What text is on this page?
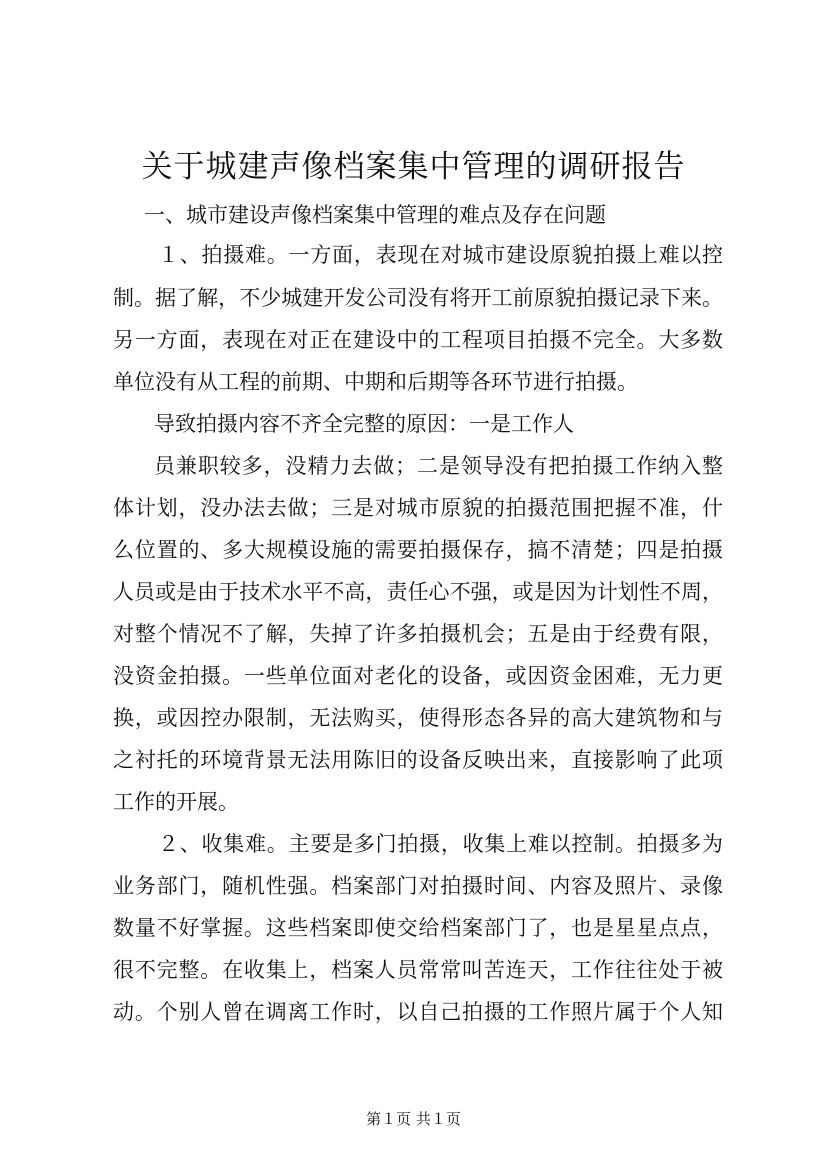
关于城建声像档案集中管理的调研报告
一、城市建设声像档案集中管理的难点及存在问题
１、拍摄难。一方面，表现在对城市建设原貌拍摄上难以控
制。据了解，不少城建开发公司没有将开工前原貌拍摄记录下来。
另一方面，表现在对正在建设中的工程项目拍摄不完全。大多数
单位没有从工程的前期、中期和后期等各环节进行拍摄。
导致拍摄内容不齐全完整的原因：一是工作人
员兼职较多，没精力去做；二是领导没有把拍摄工作纳入整
体计划，没办法去做；三是对城市原貌的拍摄范围把握不准，什
么位置的、多大规模设施的需要拍摄保存，搞不清楚；四是拍摄
人员或是由于技术水平不高，责任心不强，或是因为计划性不周，
对整个情况不了解，失掉了许多拍摄机会；五是由于经费有限，
没资金拍摄。一些单位面对老化的设备，或因资金困难，无力更
换，或因控办限制，无法购买，使得形态各异的高大建筑物和与
之衬托的环境背景无法用陈旧的设备反映出来，直接影响了此项
工作的开展。
２、收集难。主要是多门拍摄，收集上难以控制。拍摄多为
业务部门，随机性强。档案部门对拍摄时间、内容及照片、录像
数量不好掌握。这些档案即使交给档案部门了，也是星星点点，
很不完整。在收集上，档案人员常常叫苦连天，工作往往处于被
动。个别人曾在调离工作时，以自己拍摄的工作照片属于个人知
第１页 共１页
